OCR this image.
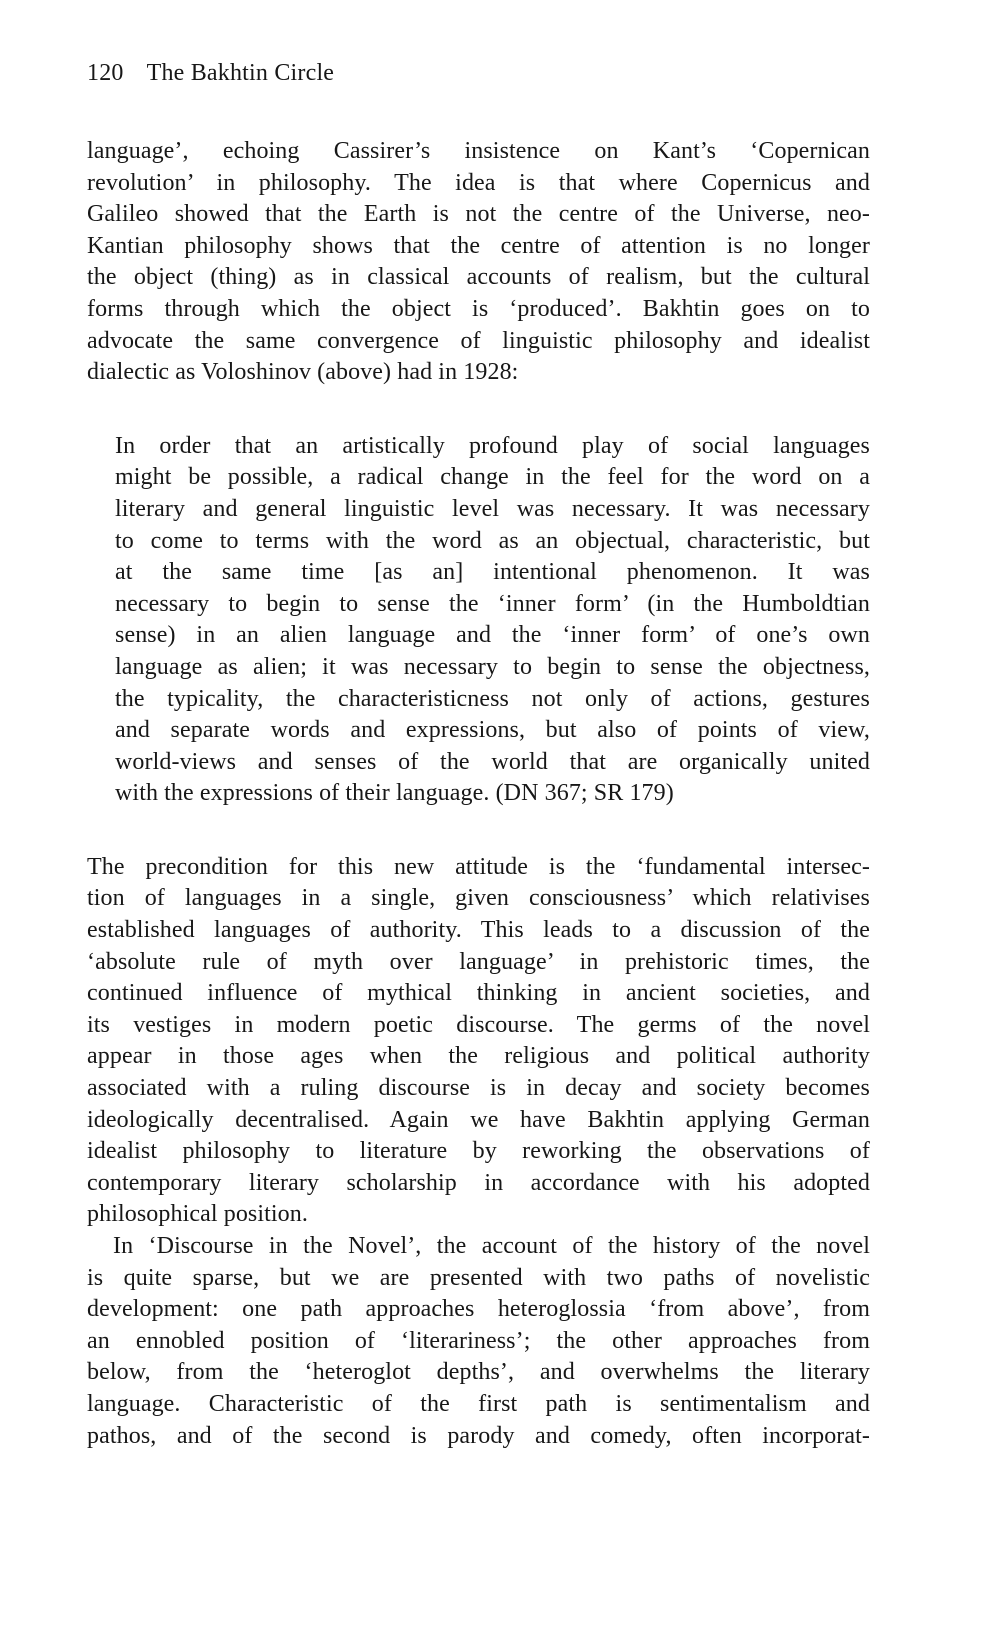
120 The Bakhtin Circle
language’, echoing Cassirer’s insistence on Kant’s ‘Copernican
revolution’ in philosophy. The idea is that where Copernicus and
Galileo showed that the Earth is not the centre of the Universe, neo-
Kantian philosophy shows that the centre of attention is no longer
the object (thing) as in classical accounts of realism, but the cultural
forms through which the object is ‘produced’. Bakhtin goes on to
advocate the same convergence of linguistic philosophy and idealist
dialectic as Voloshinov (above) had in 1928:
In order that an artistically profound play of social languages
might be possible, a radical change in the feel for the word on a
literary and general linguistic level was necessary. It was necessary
to come to terms with the word as an objectual, characteristic, but
at the same time [as an] intentional phenomenon. It was
necessary to begin to sense the ‘inner form’ (in the Humboldtian
sense) in an alien language and the ‘inner form’ of one’s own
language as alien; it was necessary to begin to sense the objectness,
the typicality, the characteristicness not only of actions, gestures
and separate words and expressions, but also of points of view,
world-views and senses of the world that are organically united
with the expressions of their language. (DN 367; SR 179)
The precondition for this new attitude is the ‘fundamental intersec-
tion of languages in a single, given consciousness’ which relativises
established languages of authority. This leads to a discussion of the
‘absolute rule of myth over language’ in prehistoric times, the
continued influence of mythical thinking in ancient societies, and
its vestiges in modern poetic discourse. The germs of the novel
appear in those ages when the religious and political authority
associated with a ruling discourse is in decay and society becomes
ideologically decentralised. Again we have Bakhtin applying German
idealist philosophy to literature by reworking the observations of
contemporary literary scholarship in accordance with his adopted
philosophical position.
In ‘Discourse in the Novel’, the account of the history of the novel
is quite sparse, but we are presented with two paths of novelistic
development: one path approaches heteroglossia ‘from above’, from
an ennobled position of ‘literariness’; the other approaches from
below, from the ‘heteroglot depths’, and overwhelms the literary
language. Characteristic of the first path is sentimentalism and
pathos, and of the second is parody and comedy, often incorporat-
